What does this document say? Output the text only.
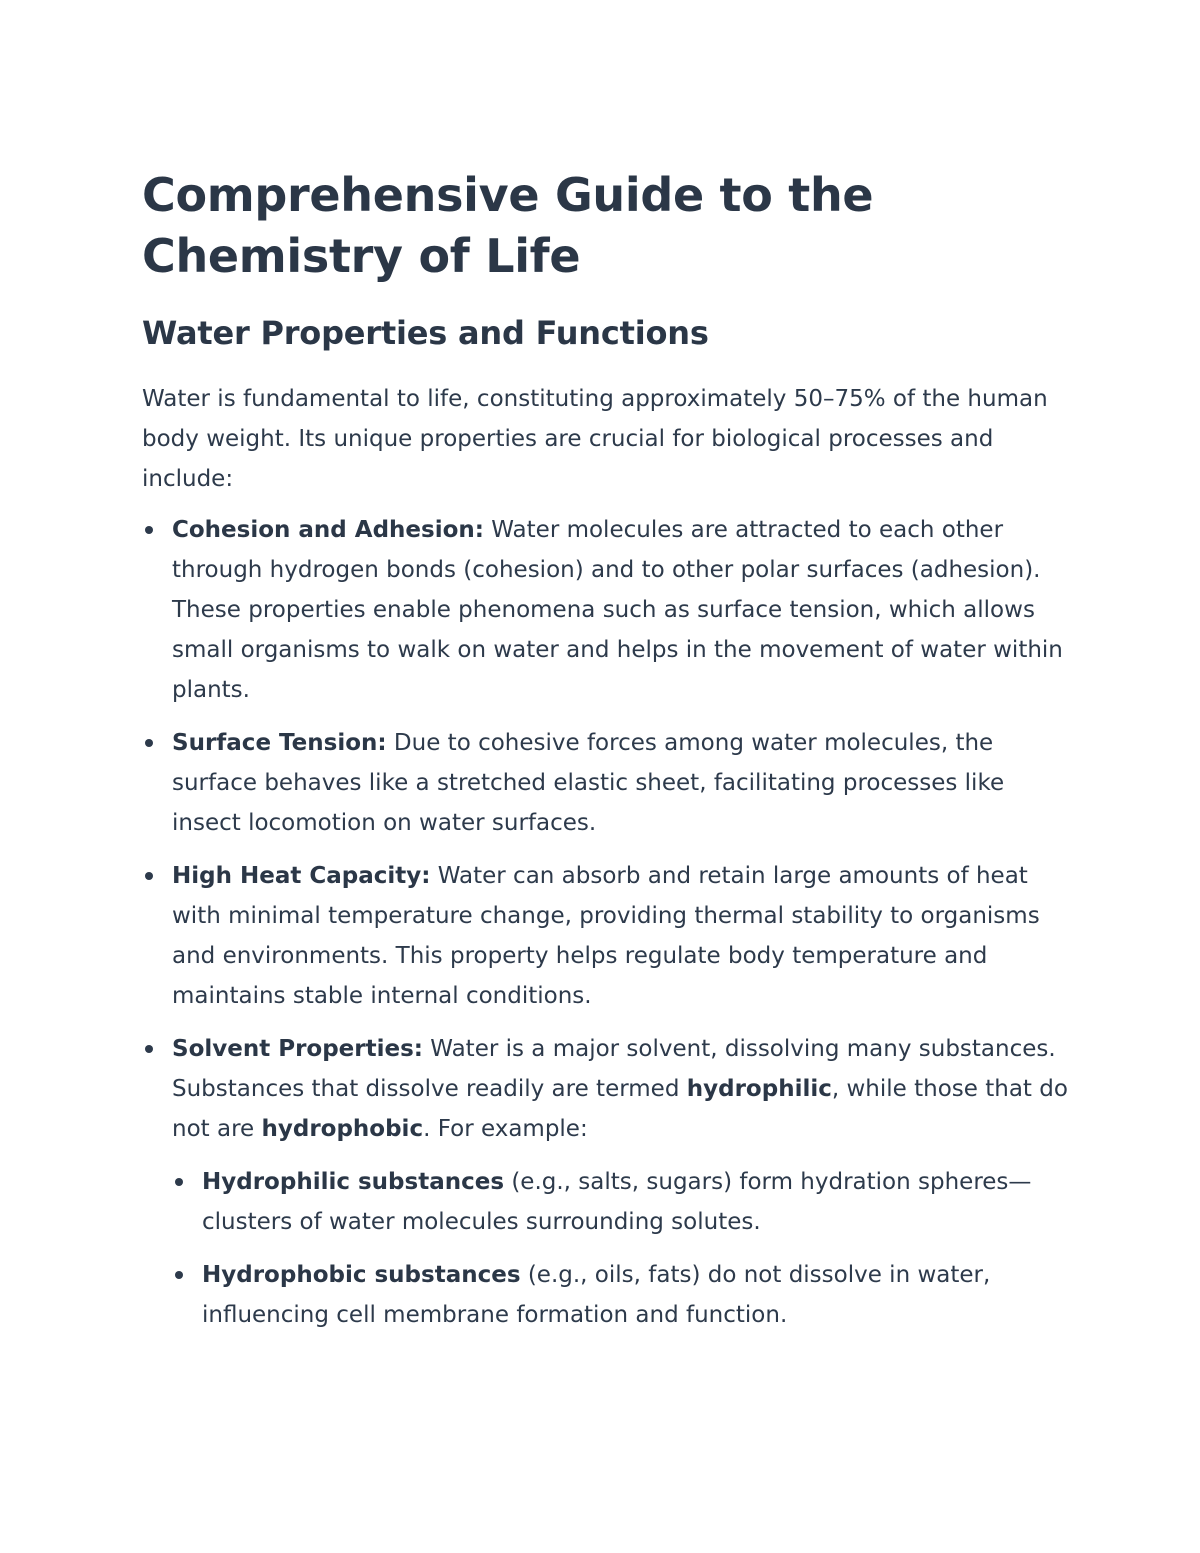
Comprehensive Guide to the Chemistry of Life
Water Properties and Functions

Water is fundamental to life, constituting approximately 50–75% of the human body weight. Its unique properties are crucial for biological processes and include:

Cohesion and Adhesion: Water molecules are attracted to each other through hydrogen bonds (cohesion) and to other polar surfaces (adhesion). These properties enable phenomena such as surface tension, which allows small organisms to walk on water and helps in the movement of water within plants.
Surface Tension: Due to cohesive forces among water molecules, the surface behaves like a stretched elastic sheet, facilitating processes like insect locomotion on water surfaces.
High Heat Capacity: Water can absorb and retain large amounts of heat with minimal temperature change, providing thermal stability to organisms and environments. This property helps regulate body temperature and maintains stable internal conditions.
Solvent Properties: Water is a major solvent, dissolving many substances. Substances that dissolve readily are termed hydrophilic, while those that do not are hydrophobic. For example:
Hydrophilic substances (e.g., salts, sugars) form hydration spheres—clusters of water molecules surrounding solutes.
Hydrophobic substances (e.g., oils, fats) do not dissolve in water, influencing cell membrane formation and function.
